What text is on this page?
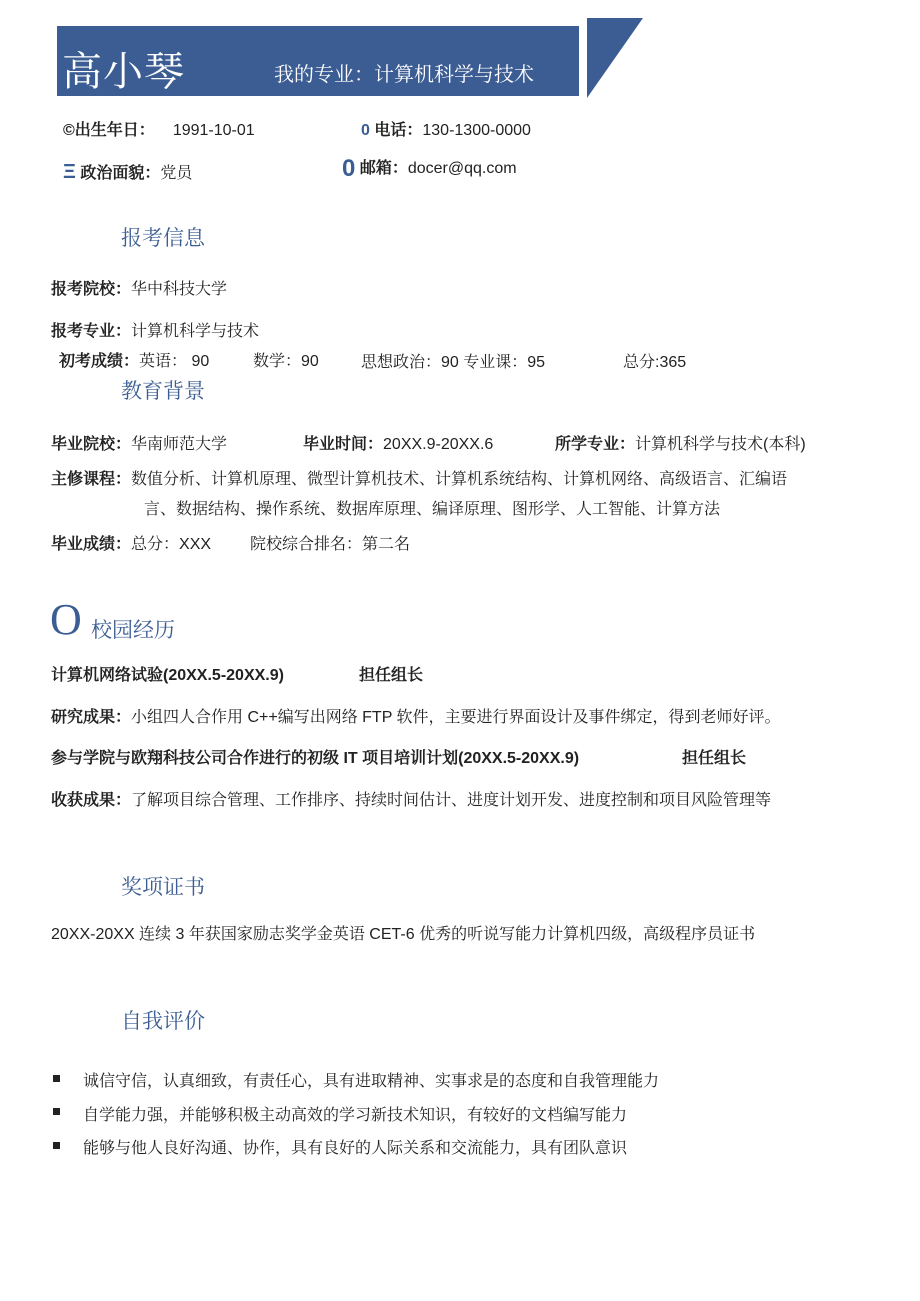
高小琴	我的专业：计算机科学与技术
©出生年日： 1991-10-01	0 电话：130-1300-0000
Ξ 政治面貌：党员	0 邮箱：docer@qq.com
报考信息
报考院校：华中科技大学
报考专业：计算机科学与技术
初考成绩：英语： 90	数学：90	思想政治：90 专业课：95	总分:365
教育背景
毕业院校：华南师范大学	毕业时间：20XX.9-20XX.6	所学专业：计算机科学与技术(本科)
主修课程：数值分析、计算机原理、微型计算机技术、计算机系统结构、计算机网络、高级语言、汇编语
言、数据结构、操作系统、数据库原理、编译原理、图形学、人工智能、计算方法
毕业成绩：总分：XXX 院校综合排名：第二名
O 校园经历
计算机网络试验(20XX.5-20XX.9)	担任组长
研究成果：小组四人合作用 C++编写出网络 FTP 软件，主要进行界面设计及事件绑定，得到老师好评。
参与学院与欧翔科技公司合作进行的初级 IT 项目培训计划(20XX.5-20XX.9)	担任组长
收获成果：了解项目综合管理、工作排序、持续时间估计、进度计划开发、进度控制和项目风险管理等
奖项证书
20XX-20XX 连续 3 年获国家励志奖学金英语 CET-6 优秀的听说写能力计算机四级，高级程序员证书
自我评价
诚信守信，认真细致，有责任心，具有进取精神、实事求是的态度和自我管理能力
自学能力强，并能够积极主动高效的学习新技术知识，有较好的文档编写能力
能够与他人良好沟通、协作，具有良好的人际关系和交流能力，具有团队意识
